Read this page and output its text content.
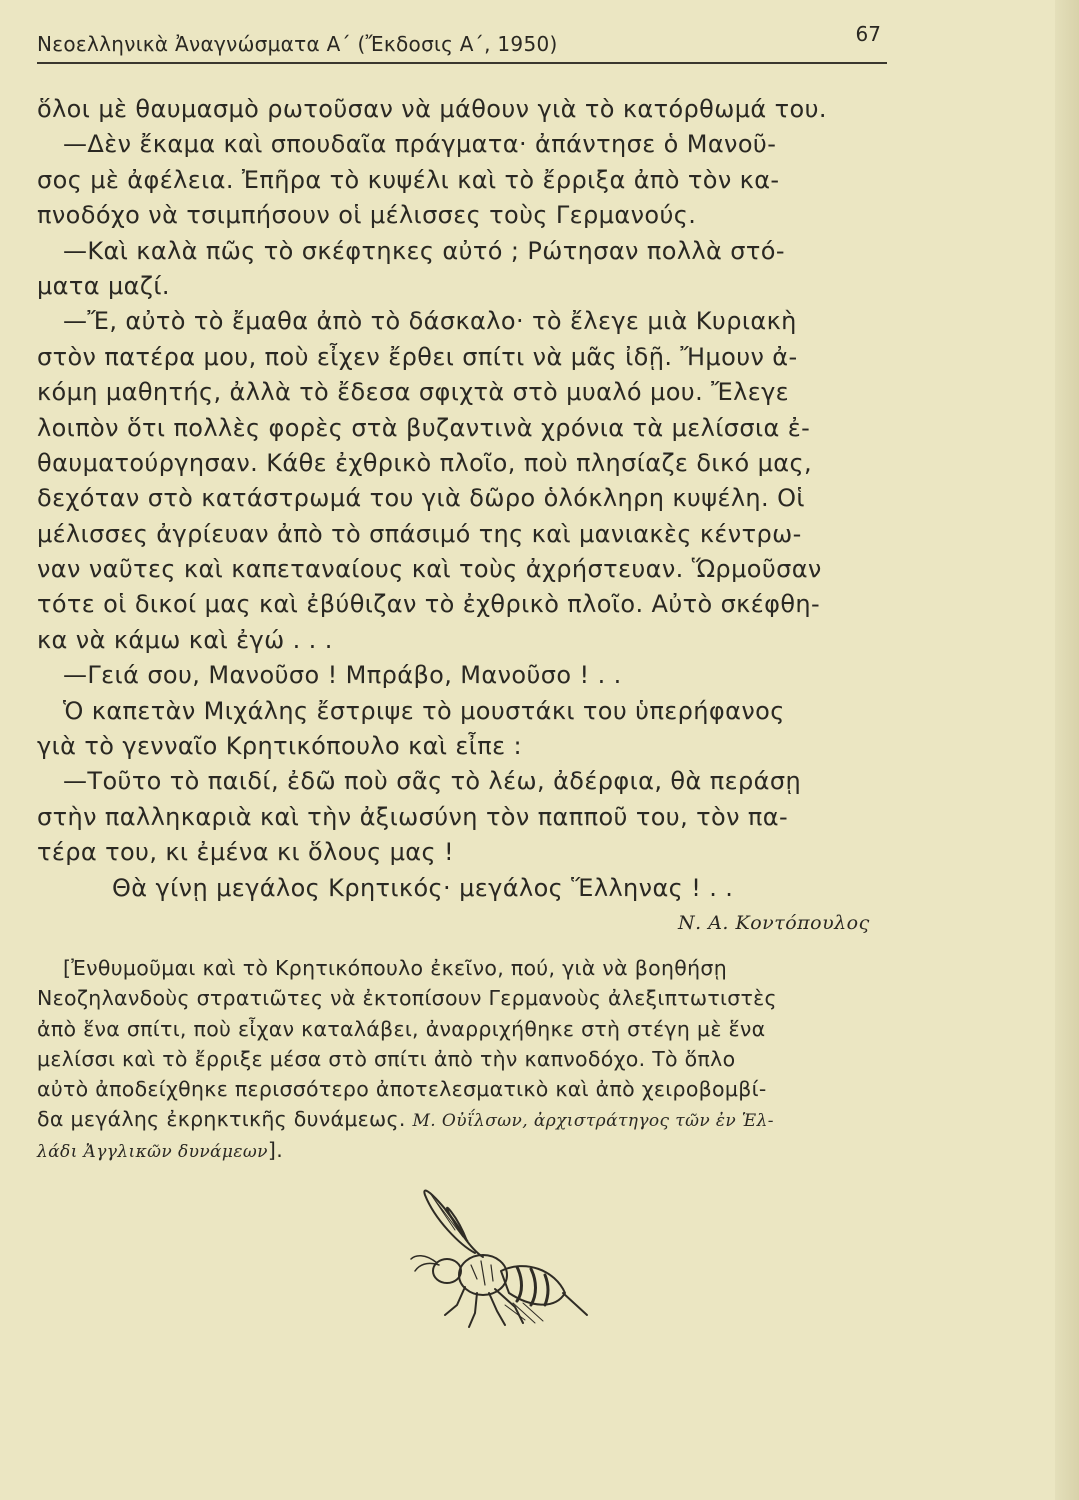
Νεοελληνικὰ Ἀναγνώσματα Α΄ (Ἔκδοσις Α΄, 1950)	67
ὅλοι μὲ θαυμασμὸ ρωτοῦσαν νὰ μάθουν γιὰ τὸ κατόρθωμά του.
—Δὲν ἔκαμα καὶ σπουδαῖα πράγματα· ἀπάντησε ὁ Μανοῦ-
σος μὲ ἀφέλεια. Ἐπῆρα τὸ κυψέλι καὶ τὸ ἔρριξα ἀπὸ τὸν κα-
πνοδόχο νὰ τσιμπήσουν οἱ μέλισσες τοὺς Γερμανούς.
—Καὶ καλὰ πῶς τὸ σκέφτηκες αὐτό ; Ρώτησαν πολλὰ στό-
ματα μαζί.
—Ἔ, αὐτὸ τὸ ἔμαθα ἀπὸ τὸ δάσκαλο· τὸ ἔλεγε μιὰ Κυριακὴ
στὸν πατέρα μου, ποὺ εἶχεν ἔρθει σπίτι νὰ μᾶς ἰδῇ. Ἤμουν ἀ-
κόμη μαθητής, ἀλλὰ τὸ ἔδεσα σφιχτὰ στὸ μυαλό μου. Ἔλεγε
λοιπὸν ὅτι πολλὲς φορὲς στὰ βυζαντινὰ χρόνια τὰ μελίσσια ἐ-
θαυματούργησαν. Κάθε ἐχθρικὸ πλοῖο, ποὺ πλησίαζε δικό μας,
δεχόταν στὸ κατάστρωμά του γιὰ δῶρο ὁλόκληρη κυψέλη. Οἱ
μέλισσες ἀγρίευαν ἀπὸ τὸ σπάσιμό της καὶ μανιακὲς κέντρω-
ναν ναῦτες καὶ καπεταναίους καὶ τοὺς ἀχρήστευαν. Ὥρμοῦσαν
τότε οἱ δικοί μας καὶ ἐβύθιζαν τὸ ἐχθρικὸ πλοῖο. Αὐτὸ σκέφθη-
κα νὰ κάμω καὶ ἐγώ . . .
—Γειά σου, Μανοῦσο ! Μπράβο, Μανοῦσο ! . .
Ὁ καπετὰν Μιχάλης ἔστριψε τὸ μουστάκι του ὑπερήφανος
γιὰ τὸ γενναῖο Κρητικόπουλο καὶ εἶπε :
—Τοῦτο τὸ παιδί, ἐδῶ ποὺ σᾶς τὸ λέω, ἀδέρφια, θὰ περάσῃ
στὴν παλληκαριὰ καὶ τὴν ἀξιωσύνη τὸν παπποῦ του, τὸν πα-
τέρα του, κι ἐμένα κι ὅλους μας !
Θὰ γίνῃ μεγάλος Κρητικός· μεγάλος Ἕλληνας ! . .
Ν. Α. Κοντόπουλος
[Ἐνθυμοῦμαι καὶ τὸ Κρητικόπουλο ἐκεῖνο, πού, γιὰ νὰ βοηθήσῃ
Νεοζηλανδοὺς στρατιῶτες νὰ ἐκτοπίσουν Γερμανοὺς ἀλεξιπτωτιστὲς
ἀπὸ ἕνα σπίτι, ποὺ εἶχαν καταλάβει, ἀναρριχήθηκε στὴ στέγη μὲ ἕνα
μελίσσι καὶ τὸ ἔρριξε μέσα στὸ σπίτι ἀπὸ τὴν καπνοδόχο. Τὸ ὅπλο
αὐτὸ ἀποδείχθηκε περισσότερο ἀποτελεσματικὸ καὶ ἀπὸ χειροβομβί-
δα μεγάλης ἐκρηκτικῆς δυνάμεως. Μ. Οὐΐλσων, ἀρχιστράτηγος τῶν ἐν Ἑλ-
λάδι Ἀγγλικῶν δυνάμεων].
